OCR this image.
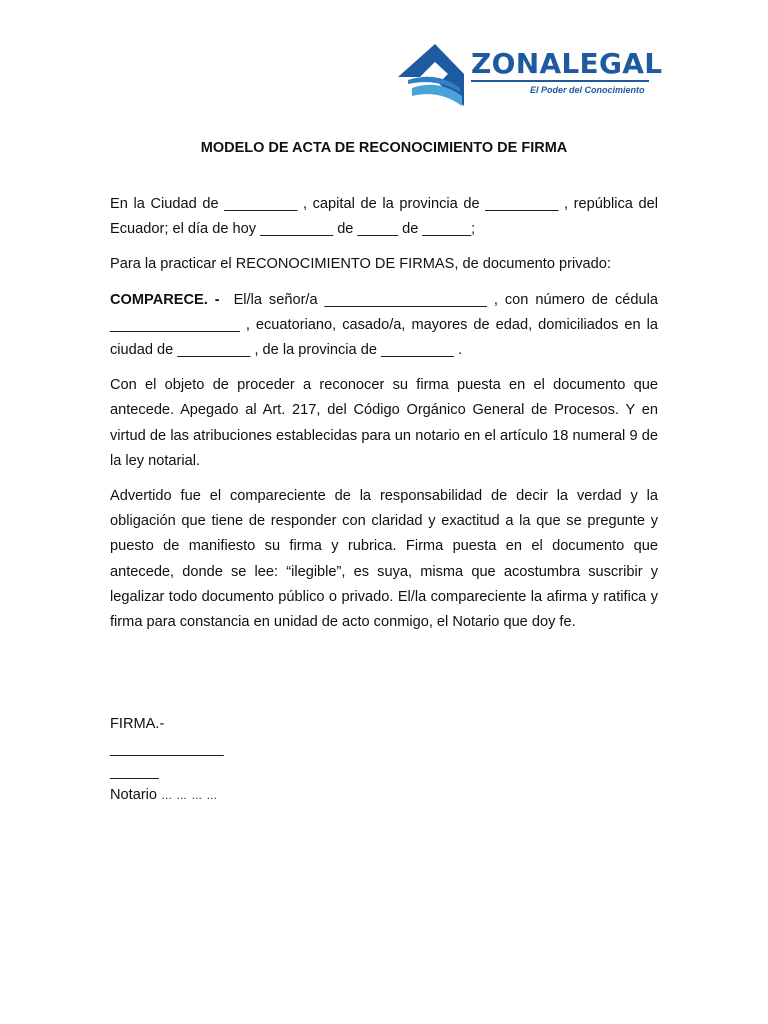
ZONALEGAL
El Poder del Conocimiento
MODELO DE ACTA DE RECONOCIMIENTO DE FIRMA

En la Ciudad de _________ , capital de la provincia de _________ , república del Ecuador; el día de hoy _________ de _____ de ______;

Para la practicar el RECONOCIMIENTO DE FIRMAS, de documento privado:

COMPARECE. - El/la señor/a ____________________ , con número de cédula ________________ , ecuatoriano, casado/a, mayores de edad, domiciliados en la ciudad de _________ , de la provincia de _________ .

Con el objeto de proceder a reconocer su firma puesta en el documento que antecede. Apegado al Art. 217, del Código Orgánico General de Procesos. Y en virtud de las atribuciones establecidas para un notario en el artículo 18 numeral 9 de la ley notarial.

Advertido fue el compareciente de la responsabilidad de decir la verdad y la obligación que tiene de responder con claridad y exactitud a la que se pregunte y puesto de manifiesto su firma y rubrica. Firma puesta en el documento que antecede, donde se lee: “ilegible”, es suya, misma que acostumbra suscribir y legalizar todo documento público o privado. El/la compareciente la afirma y ratifica y firma para constancia en unidad de acto conmigo, el Notario que doy fe.

FIRMA.-
______________
______
Notario … … … …
